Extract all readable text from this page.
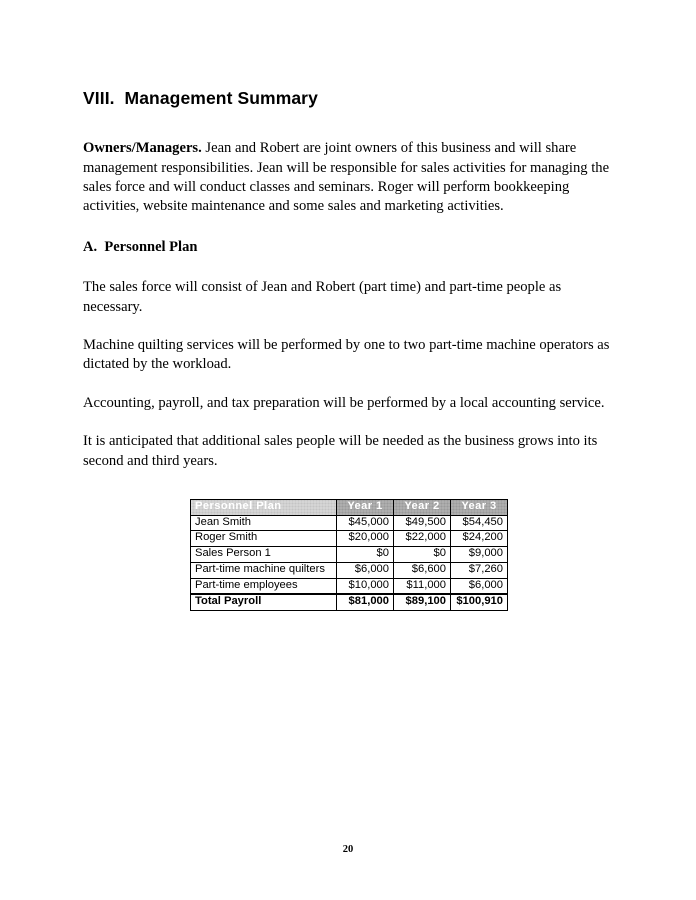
VIII.  Management Summary

Owners/Managers. Jean and Robert are joint owners of this business and will share management responsibilities. Jean will be responsible for sales activities for managing the sales force and will conduct classes and seminars. Roger will perform bookkeeping activities, website maintenance and some sales and marketing activities.

A.  Personnel Plan

The sales force will consist of Jean and Robert (part time) and part-time people as necessary.

Machine quilting services will be performed by one to two part-time machine operators as dictated by the workload.

Accounting, payroll, and tax preparation will be performed by a local accounting service.

It is anticipated that additional sales people will be needed as the business grows into its second and third years.

Personnel Plan	Year 1	Year 2	Year 3
Jean Smith	$45,000	$49,500	$54,450
Roger Smith	$20,000	$22,000	$24,200
Sales Person 1	$0	$0	$9,000
Part-time machine quilters	$6,000	$6,600	$7,260
Part-time employees	$10,000	$11,000	$6,000
Total Payroll	$81,000	$89,100	$100,910
20
